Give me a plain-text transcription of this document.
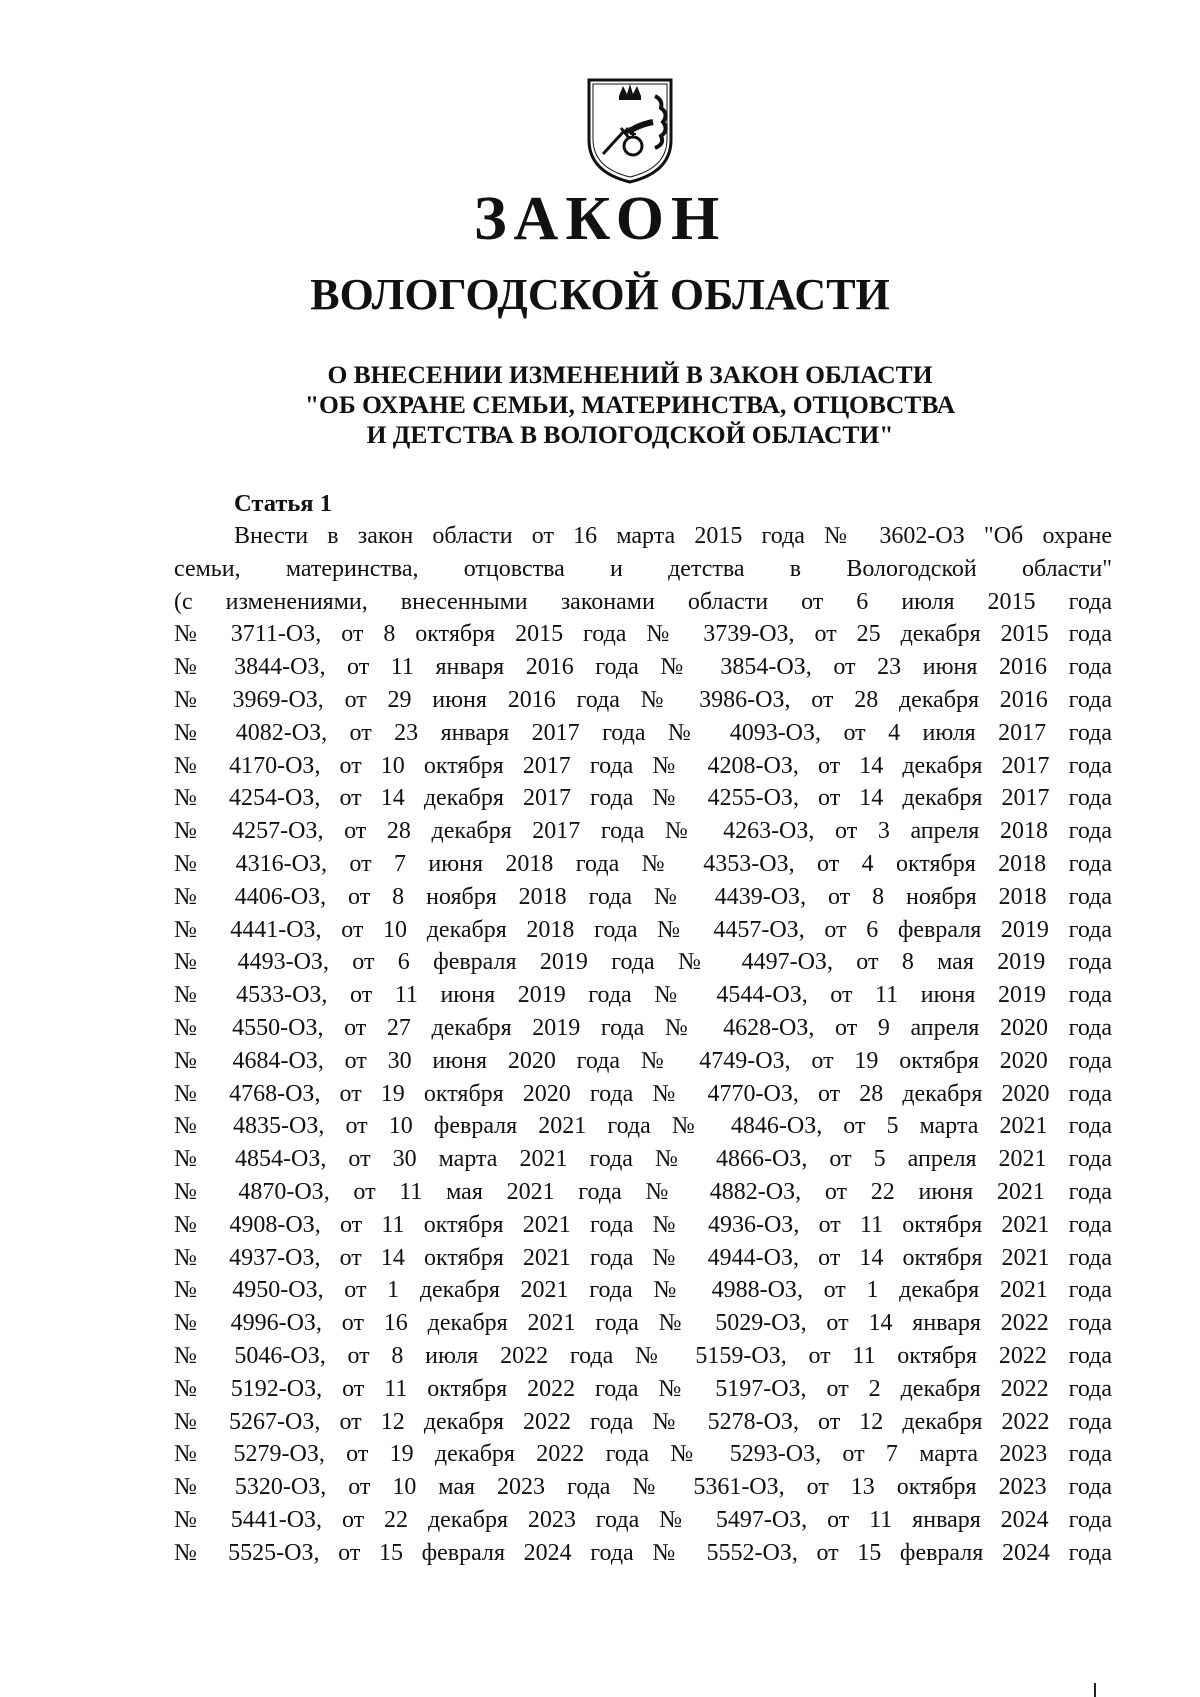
ЗАКОН
ВОЛОГОДСКОЙ ОБЛАСТИ
О ВНЕСЕНИИ ИЗМЕНЕНИЙ В ЗАКОН ОБЛАСТИ
"ОБ ОХРАНЕ СЕМЬИ, МАТЕРИНСТВА, ОТЦОВСТВА
И ДЕТСТВА В ВОЛОГОДСКОЙ ОБЛАСТИ"
Статья 1
Внести в закон области от 16 марта 2015 года № 3602-ОЗ "Об охране
семьи, материнства, отцовства и детства в Вологодской области"
(с изменениями, внесенными законами области от 6 июля 2015 года
№ 3711-ОЗ, от 8 октября 2015 года № 3739-ОЗ, от 25 декабря 2015 года
№ 3844-ОЗ, от 11 января 2016 года № 3854-ОЗ, от 23 июня 2016 года
№ 3969-ОЗ, от 29 июня 2016 года № 3986-ОЗ, от 28 декабря 2016 года
№ 4082-ОЗ, от 23 января 2017 года № 4093-ОЗ, от 4 июля 2017 года
№ 4170-ОЗ, от 10 октября 2017 года № 4208-ОЗ, от 14 декабря 2017 года
№ 4254-ОЗ, от 14 декабря 2017 года № 4255-ОЗ, от 14 декабря 2017 года
№ 4257-ОЗ, от 28 декабря 2017 года № 4263-ОЗ, от 3 апреля 2018 года
№ 4316-ОЗ, от 7 июня 2018 года № 4353-ОЗ, от 4 октября 2018 года
№ 4406-ОЗ, от 8 ноября 2018 года № 4439-ОЗ, от 8 ноября 2018 года
№ 4441-ОЗ, от 10 декабря 2018 года № 4457-ОЗ, от 6 февраля 2019 года
№ 4493-ОЗ, от 6 февраля 2019 года № 4497-ОЗ, от 8 мая 2019 года
№ 4533-ОЗ, от 11 июня 2019 года № 4544-ОЗ, от 11 июня 2019 года
№ 4550-ОЗ, от 27 декабря 2019 года № 4628-ОЗ, от 9 апреля 2020 года
№ 4684-ОЗ, от 30 июня 2020 года № 4749-ОЗ, от 19 октября 2020 года
№ 4768-ОЗ, от 19 октября 2020 года № 4770-ОЗ, от 28 декабря 2020 года
№ 4835-ОЗ, от 10 февраля 2021 года № 4846-ОЗ, от 5 марта 2021 года
№ 4854-ОЗ, от 30 марта 2021 года № 4866-ОЗ, от 5 апреля 2021 года
№ 4870-ОЗ, от 11 мая 2021 года № 4882-ОЗ, от 22 июня 2021 года
№ 4908-ОЗ, от 11 октября 2021 года № 4936-ОЗ, от 11 октября 2021 года
№ 4937-ОЗ, от 14 октября 2021 года № 4944-ОЗ, от 14 октября 2021 года
№ 4950-ОЗ, от 1 декабря 2021 года № 4988-ОЗ, от 1 декабря 2021 года
№ 4996-ОЗ, от 16 декабря 2021 года № 5029-ОЗ, от 14 января 2022 года
№ 5046-ОЗ, от 8 июля 2022 года № 5159-ОЗ, от 11 октября 2022 года
№ 5192-ОЗ, от 11 октября 2022 года № 5197-ОЗ, от 2 декабря 2022 года
№ 5267-ОЗ, от 12 декабря 2022 года № 5278-ОЗ, от 12 декабря 2022 года
№ 5279-ОЗ, от 19 декабря 2022 года № 5293-ОЗ, от 7 марта 2023 года
№ 5320-ОЗ, от 10 мая 2023 года № 5361-ОЗ, от 13 октября 2023 года
№ 5441-ОЗ, от 22 декабря 2023 года № 5497-ОЗ, от 11 января 2024 года
№ 5525-ОЗ, от 15 февраля 2024 года № 5552-ОЗ, от 15 февраля 2024 года
